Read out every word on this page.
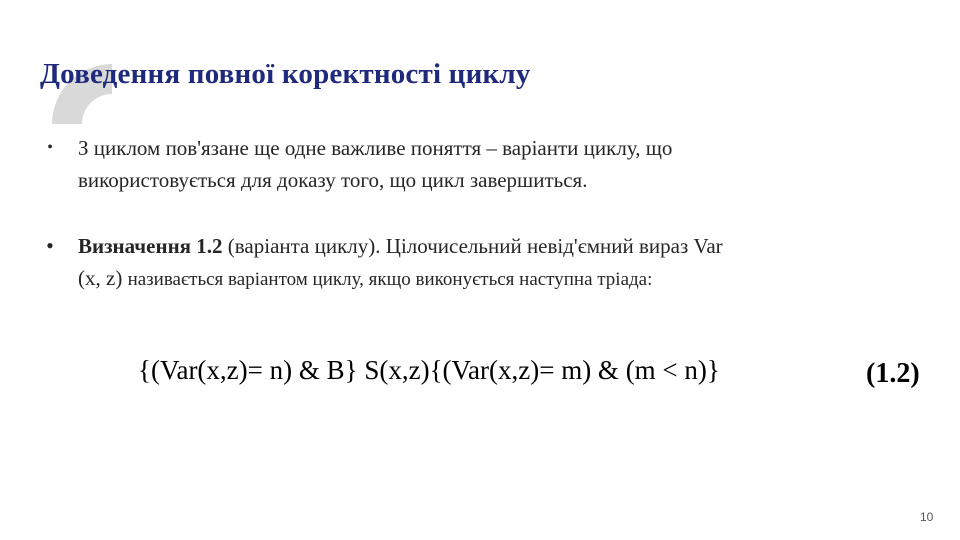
Доведення повної коректності циклу
•	З циклом пов'язане ще одне важливе поняття – варіанти циклу, що
використовується для доказу того, що цикл завершиться.
• Визначення 1.2 (варіанта циклу). Цілочисельний невід'ємний вираз Var
(x, z) називається варіантом циклу, якщо виконується наступна тріада:
{(Var(x,z)= n) & B} S(x,z){(Var(x,z)= m) & (m < n)}	(1.2)
10
